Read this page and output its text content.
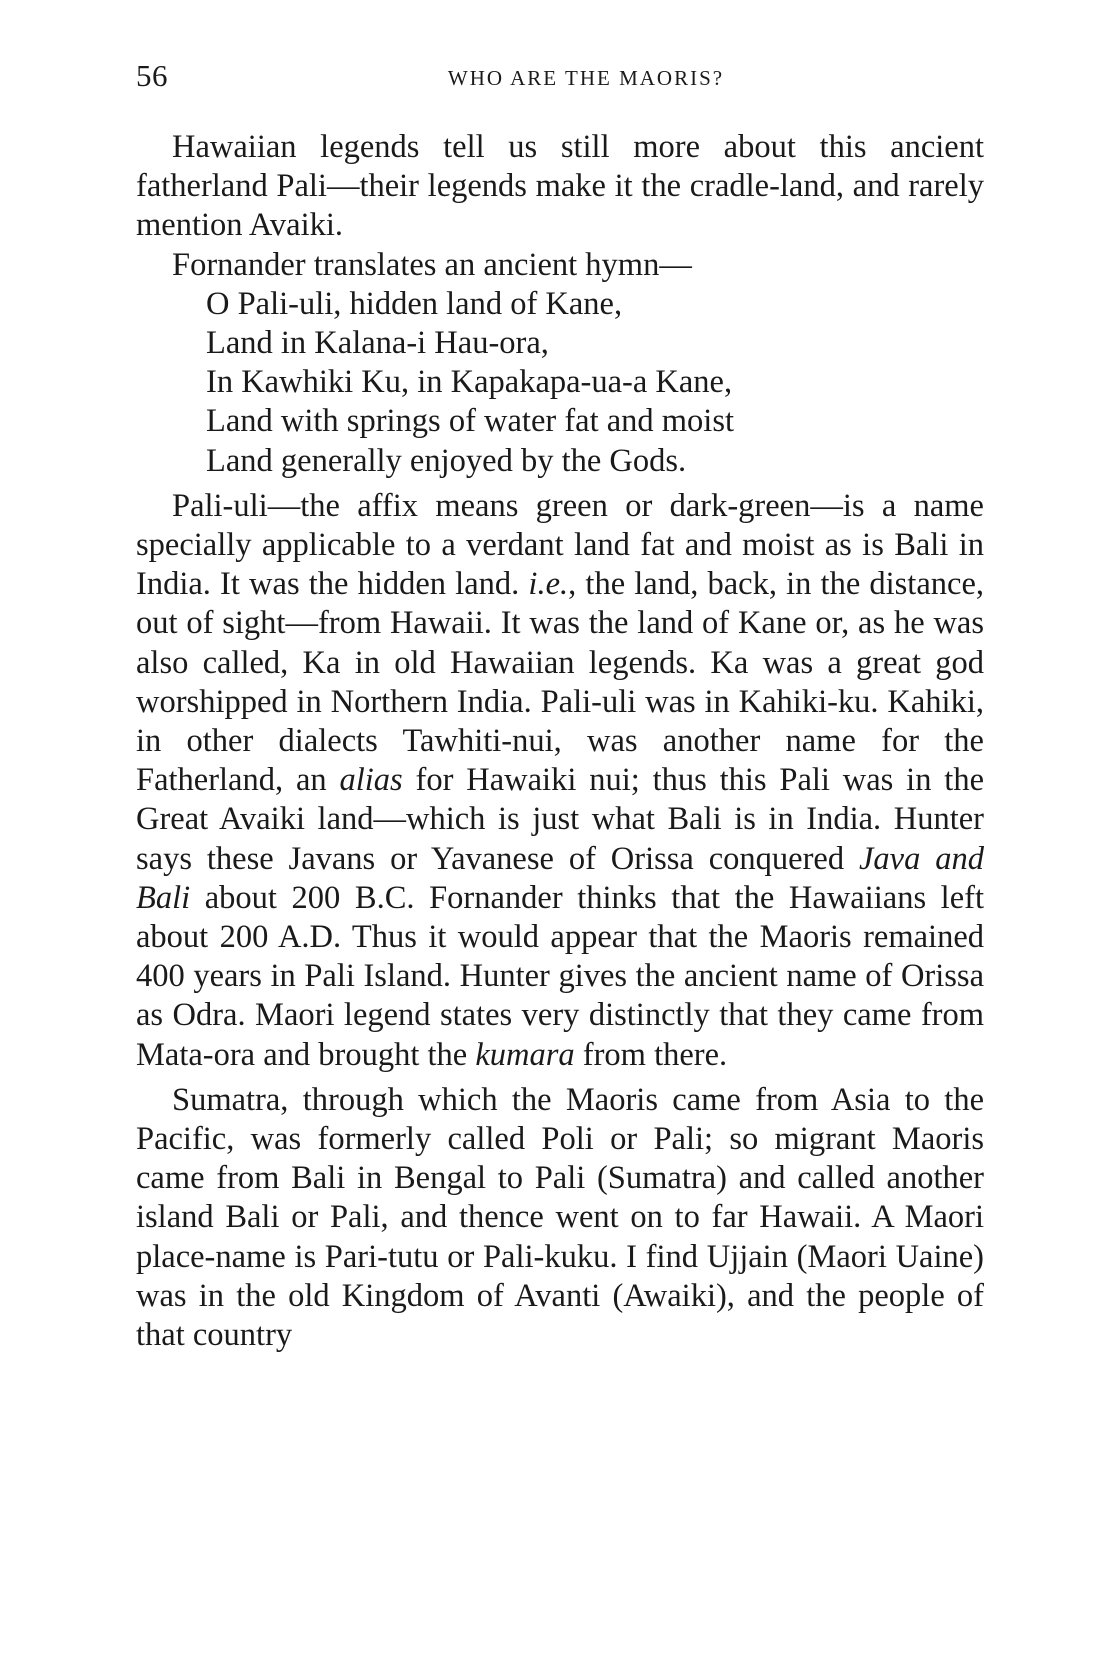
56	WHO ARE THE MAORIS?

Hawaiian legends tell us still more about this ancient fatherland Pali—their legends make it the cradle-land, and rarely mention Avaiki.

Fornander translates an ancient hymn—

O Pali-uli, hidden land of Kane,
Land in Kalana-i Hau-ora,
In Kawhiki Ku, in Kapakapa-ua-a Kane,
Land with springs of water fat and moist
Land generally enjoyed by the Gods.

Pali-uli—the affix means green or dark-green—is a name specially applicable to a verdant land fat and moist as is Bali in India. It was the hidden land. i.e., the land, back, in the distance, out of sight—from Hawaii. It was the land of Kane or, as he was also called, Ka in old Hawaiian legends. Ka was a great god worshipped in Northern India. Pali-uli was in Kahiki-ku. Kahiki, in other dialects Tawhiti-nui, was another name for the Fatherland, an alias for Hawaiki nui; thus this Pali was in the Great Avaiki land—which is just what Bali is in India. Hunter says these Javans or Yavanese of Orissa conquered Java and Bali about 200 B.C. Fornander thinks that the Hawaiians left about 200 A.D. Thus it would appear that the Maoris remained 400 years in Pali Island. Hunter gives the ancient name of Orissa as Odra. Maori legend states very distinctly that they came from Mata-ora and brought the kumara from there.

Sumatra, through which the Maoris came from Asia to the Pacific, was formerly called Poli or Pali; so migrant Maoris came from Bali in Bengal to Pali (Sumatra) and called another island Bali or Pali, and thence went on to far Hawaii. A Maori place-name is Pari-tutu or Pali-kuku. I find Ujjain (Maori Uaine) was in the old Kingdom of Avanti (Awaiki), and the people of that country
